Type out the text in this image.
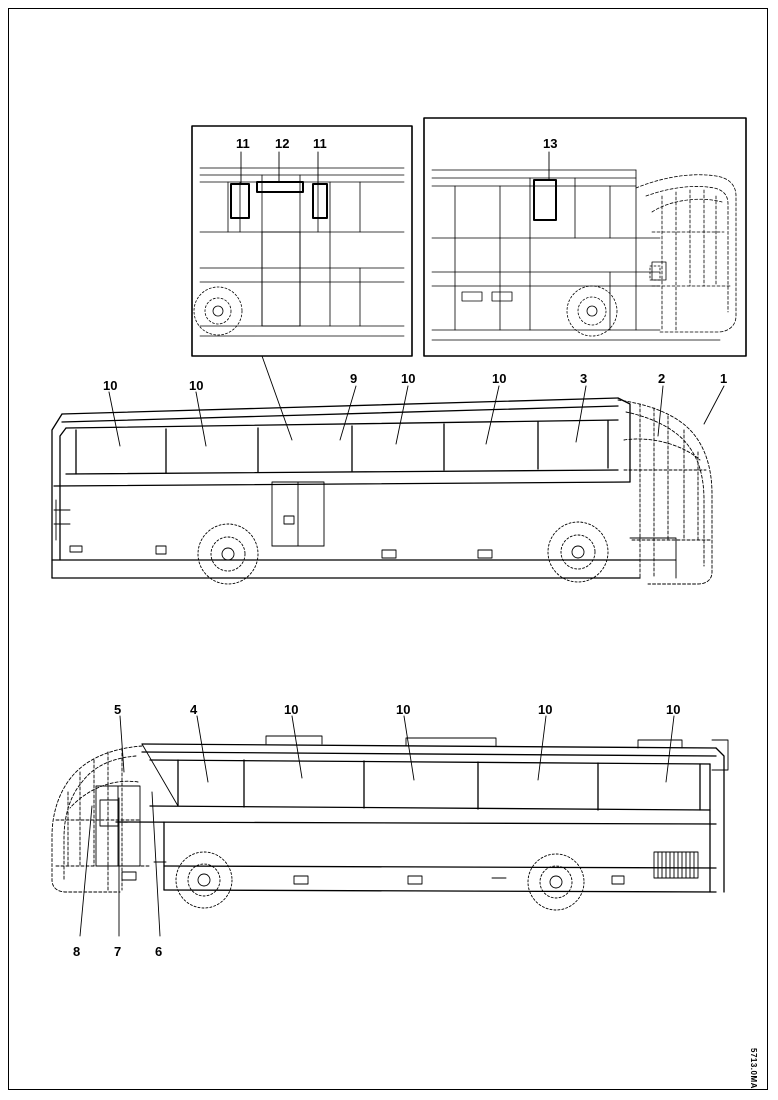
11 12 11	13
10	10	9	10	10	3	2	1
5	4	10	10	10	10
8	7	6
5713.0MA
